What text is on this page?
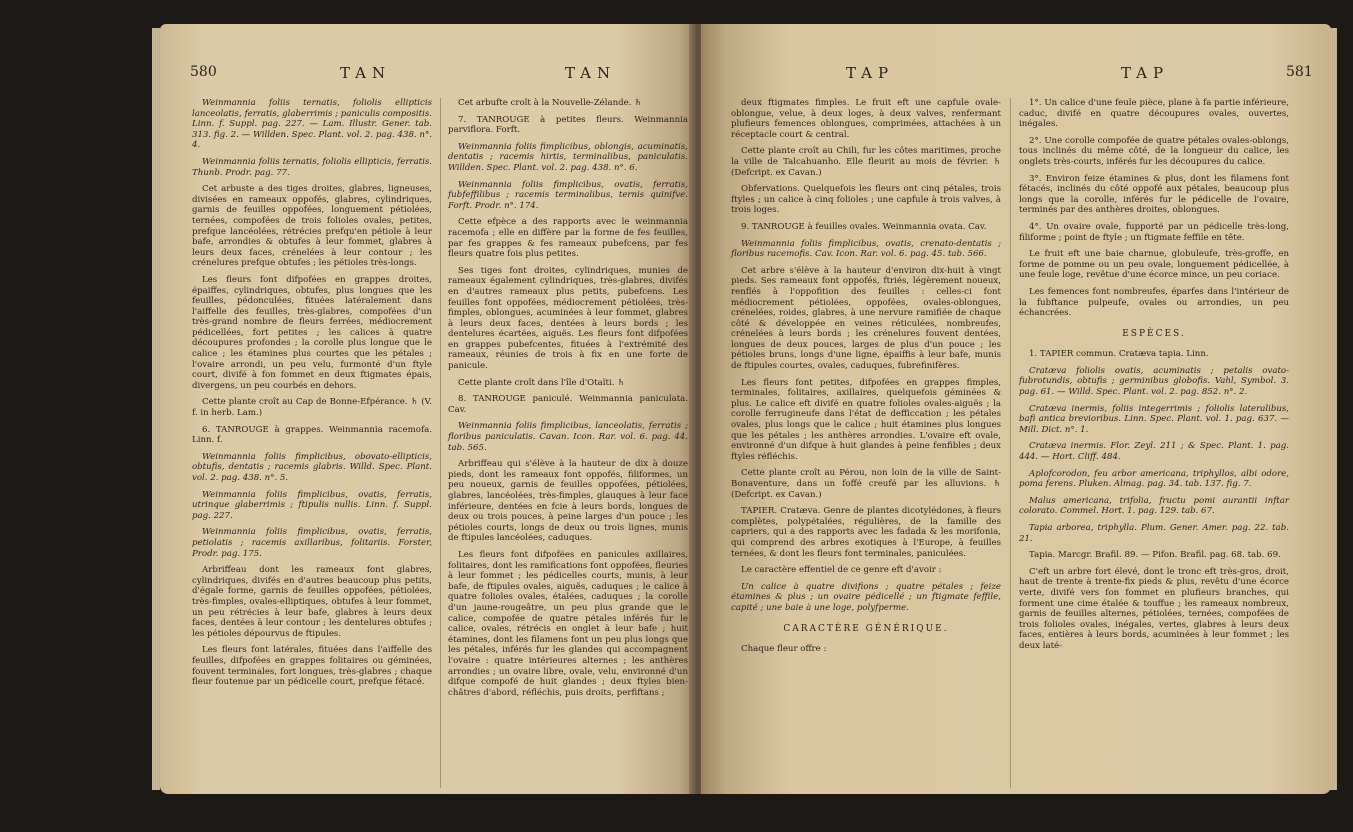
580	TAN	TAN

Weinmannia foliis ternatis, foliolis ellipticis lanceolatis, ferratis, glaberrimis ; paniculis compositis. Linn. f. Suppl. pag. 227. — Lam. Illustr. Gener. tab. 313. fig. 2. — Willden. Spec. Plant. vol. 2. pag. 438. n°. 4.

Weinmannia foliis ternatis, foliolis ellipticis, ferratis. Thunb. Prodr. pag. 77.

Cet arbuste a des tiges droites, glabres, ligneuses, divisées en rameaux oppofés, glabres, cylindriques, garnis de feuilles oppofées, longuement pétiolées, ternées, compofées de trois folioles ovales, petites, prefque lancéolées, rétrécies prefqu'en pétiole à leur bafe, arrondies & obtufes à leur fommet, glabres à leurs deux faces, crénelées à leur contour ; les crénelures prefque obtufes ; les pétioles très-longs.

Les fleurs font difpofées en grappes droites, épaiffes, cylindriques, obtufes, plus longues que les feuilles, pédonculées, fituées latéralement dans l'aiffelle des feuilles, très-glabres, compofées d'un très-grand nombre de fleurs ferrées, médiocrement pédicellées, fort petites ; les calices à quatre découpures profondes ; la corolle plus longue que le calice ; les étamines plus courtes que les pétales ; l'ovaire arrondi, un peu velu, furmonté d'un ftyle court, divifé à fon fommet en deux ftigmates épais, divergens, un peu courbés en dehors.

Cette plante croît au Cap de Bonne-Efpérance. ♄ (V. f. in herb. Lam.)

6. TANROUGE à grappes. Weinmannia racemofa. Linn. f.

Weinmannia foliis fimplicibus, obovato-ellipticis, obtufis, dentatis ; racemis glabris. Willd. Spec. Plant. vol. 2. pag. 438. n°. 5.

Weinmannia foliis fimplicibus, ovatis, ferratis, utrinque glaberrimis ; ftipulis nullis. Linn. f. Suppl. pag. 227.

Weinmannia foliis fimplicibus, ovatis, ferratis, petiolatis ; racemis axillaribus, folitariis. Forster, Prodr. pag. 175.

Arbriffeau dont les rameaux font glabres, cylindriques, divifés en d'autres beaucoup plus petits, d'égale forme, garnis de feuilles oppofées, pétiolées, très-fimples, ovales-elliptiques, obtufes à leur fommet, un peu rétrécies à leur bafe, glabres à leurs deux faces, dentées à leur contour ; les dentelures obtufes ; les pétioles dépourvus de ftipules.

Les fleurs font latérales, fituées dans l'aiffelle des feuilles, difpofées en grappes folitaires ou géminées, fouvent terminales, fort longues, très-glabres ; chaque fleur foutenue par un pédicelle court, prefque fétacé.

Cet arbufte croît à la Nouvelle-Zélande. ♄

7. TANROUGE à petites fleurs. Weinmannia parviflora. Forft.

Weinmannia foliis fimplicibus, oblongis, acuminatis, dentatis ; racemis hirtis, terminalibus, paniculatis. Willden. Spec. Plant. vol. 2. pag. 438. n°. 6.

Weinmannia foliis fimplicibus, ovatis, ferratis, fubfeffilibus ; racemis terminalibus, ternis quinifve. Forft. Prodr. n°. 174.

Cette efpèce a des rapports avec le weinmannia racemofa ; elle en diffère par la forme de fes feuilles, par fes grappes & fes rameaux pubefcens, par fes fleurs quatre fois plus petites.

Ses tiges font droites, cylindriques, munies de rameaux également cylindriques, très-glabres, divifés en d'autres rameaux plus petits, pubefcens. Les feuilles font oppofées, médiocrement pétiolées, très-fimples, oblongues, acuminées à leur fommet, glabres à leurs deux faces, dentées à leurs bords ; les dentelures écartées, aiguës. Les fleurs font difpofées en grappes pubefcentes, fituées à l'extrémité des rameaux, réunies de trois à fix en une forte de panicule.

Cette plante croît dans l'île d'Otaïti. ♄

8. TANROUGE paniculé. Weinmannia paniculata. Cav.

Weinmannia foliis fimplicibus, lanceolatis, ferratis ; floribus paniculatis. Cavan. Icon. Rar. vol. 6. pag. 44. tab. 565.

Arbriffeau qui s'élève à la hauteur de dix à douze pieds, dont les rameaux font oppofés, filiformes, un peu noueux, garnis de feuilles oppofées, pétiolées, glabres, lancéolées, très-fimples, glauques à leur face inférieure, dentées en fcie à leurs bords, longues de deux ou trois pouces, à peine larges d'un pouce ; les pétioles courts, longs de deux ou trois lignes, munis de ftipules lancéolées, caduques.

Les fleurs font difpofées en panicules axillaires, folitaires, dont les ramifications font oppofées, fleuries à leur fommet ; les pédicelles courts, munis, à leur bafe, de ftipules ovales, aiguës, caduques ; le calice à quatre folioles ovales, étalées, caduques ; la corolle d'un jaune-rougeâtre, un peu plus grande que le calice, compofée de quatre pétales inférés fur le calice, ovales, rétrécis en onglet à leur bafe ; huit étamines, dont les filamens font un peu plus longs que les pétales, inférés fur les glandes qui accompagnent l'ovaire : quatre intérieures alternes ; les anthères arrondies ; un ovaire libre, ovale, velu, environné d'un difque compofé de huit glandes ; deux ftyles bien-châtres d'abord, réfléchis, puis droits, perfiftans ;

TAP	TAP	581

deux ftigmates fimples. Le fruit eft une capfule ovale-oblongue, velue, à deux loges, à deux valves, renfermant plufieurs femences oblongues, comprimées, attachées à un réceptacle court & central.

Cette plante croît au Chili, fur les côtes maritimes, proche la ville de Talcahuanho. Elle fleurit au mois de février. ♄ (Defcript. ex Cavan.)

Obfervations. Quelquefois les fleurs ont cinq pétales, trois ftyles ; un calice à cinq folioles ; une capfule à trois valves, à trois loges.

9. TANROUGE à feuilles ovales. Weinmannia ovata. Cav.

Weinmannia foliis fimplicibus, ovatis, crenato-dentatis ; floribus racemofis. Cav. Icon. Rar. vol. 6. pag. 45. tab. 566.

Cet arbre s'élève à la hauteur d'environ dix-huit à vingt pieds. Ses rameaux font oppofés, ftriés, légèrement noueux, renflés à l'oppofition des feuilles : celles-ci font médiocrement pétiolées, oppofées, ovales-oblongues, crénelées, roides, glabres, à une nervure ramifiée de chaque côté & développée en veines réticulées, nombreufes, crénelées à leurs bords ; les crénelures fouvent dentées, longues de deux pouces, larges de plus d'un pouce ; les pétioles bruns, longs d'une ligne, épaiffis à leur bafe, munis de ftipules courtes, ovales, caduques, fubrefinifères.

Les fleurs font petites, difpofées en grappes fimples, terminales, folitaires, axillaires, quelquefois géminées & plus. Le calice eft divifé en quatre folioles ovales-aiguës ; la corolle ferrugineufe dans l'état de defficcation ; les pétales ovales, plus longs que le calice ; huit étamines plus longues que les pétales ; les anthères arrondies. L'ovaire eft ovale, environné d'un difque à huit glandes à peine fenfibles ; deux ftyles réfléchis.

Cette plante croît au Pérou, non loin de la ville de Saint-Bonaventure, dans un foffé creufé par les alluvions. ♄ (Defcript. ex Cavan.)

TAPIER. Cratæva. Genre de plantes dicotylédones, à fleurs complètes, polypétalées, régulières, de la famille des capriers, qui a des rapports avec les fadada & les morifonia, qui comprend des arbres exotiques à l'Europe, à feuilles ternées, & dont les fleurs font terminales, paniculées.

Le caractère effentiel de ce genre eft d'avoir :

Un calice à quatre divifions ; quatre pétales ; feize étamines & plus ; un ovaire pédicellé ; un ftigmate feffile, capité ; une baie à une loge, polyfperme.

CARACTÈRE GÉNÉRIQUE.

Chaque fleur offre :

1°. Un calice d'une feule pièce, plane à fa partie inférieure, caduc, divifé en quatre découpures ovales, ouvertes, inégales.

2°. Une corolle compofée de quatre pétales ovales-oblongs, tous inclinés du même côté, de la longueur du calice, les onglets très-courts, inférés fur les découpures du calice.

3°. Environ feize étamines & plus, dont les filamens font fétacés, inclinés du côté oppofé aux pétales, beaucoup plus longs que la corolle, inférés fur le pédicelle de l'ovaire, terminés par des anthères droites, oblongues.

4°. Un ovaire ovale, fupporté par un pédicelle très-long, filiforme ; point de ftyle ; un ftigmate feffile en tête.

Le fruit eft une baie charnue, globuleufe, très-groffe, en forme de pomme ou un peu ovale, longuement pédicellée, à une feule loge, revêtue d'une écorce mince, un peu coriace.

Les femences font nombreufes, éparfes dans l'intérieur de la fubftance pulpeufe, ovales ou arrondies, un peu échancrées.

ESPÈCES.

1. TAPIER commun. Cratæva tapia. Linn.

Cratæva foliolis ovatis, acuminatis ; petalis ovato-fubrotundis, obtufis ; germinibus globofis. Vahl, Symbol. 3. pag. 61. — Willd. Spec. Plant. vol. 2. pag. 852. n°. 2.

Cratæva inermis, foliis integerrimis ; foliolis lateralibus, bafi antica brevioribus. Linn. Spec. Plant. vol. 1. pag. 637. — Mill. Dict. n°. 1.

Cratæva inermis. Flor. Zeyl. 211 ; & Spec. Plant. 1. pag. 444. — Hort. Cliff. 484.

Aplofcorodon, feu arbor americana, triphyllos, albi odore, poma ferens. Pluken. Almag. pag. 34. tab. 137. fig. 7.

Malus americana, trifolia, fructu pomi aurantii inftar colorato. Commel. Hort. 1. pag. 129. tab. 67.

Tapia arborea, triphylla. Plum. Gener. Amer. pag. 22. tab. 21.

Tapia. Marcgr. Brafil. 89. — Pifon. Brafil. pag. 68. tab. 69.

C'eft un arbre fort élevé, dont le tronc eft très-gros, droit, haut de trente à trente-fix pieds & plus, revêtu d'une écorce verte, divifé vers fon fommet en plufieurs branches, qui forment une cime étalée & touffue ; les rameaux nombreux, garnis de feuilles alternes, pétiolées, ternées, compofées de trois folioles ovales, inégales, vertes, glabres à leurs deux faces, entières à leurs bords, acuminées à leur fommet ; les deux laté-
